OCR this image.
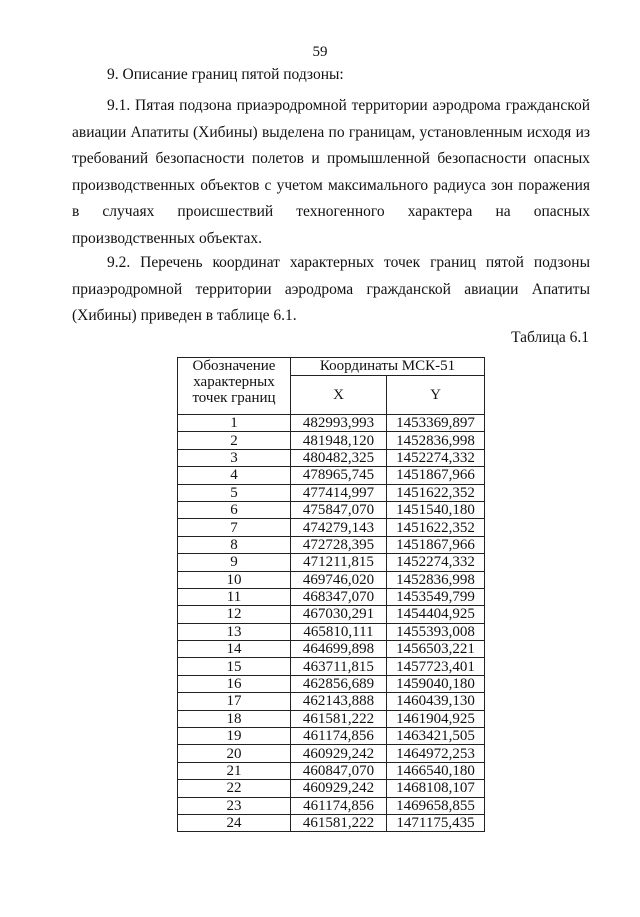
59
9. Описание границ пятой подзоны:
9.1. Пятая подзона приаэродромной территории аэродрома гражданской авиации Апатиты (Хибины) выделена по границам, установленным исходя из требований безопасности полетов и промышленной безопасности опасных производственных объектов с учетом максимального радиуса зон поражения в случаях происшествий техногенного характера на опасных производственных объектах.
9.2. Перечень координат характерных точек границ пятой подзоны приаэродромной территории аэродрома гражданской авиации Апатиты (Хибины) приведен в таблице 6.1.
Таблица 6.1
Обозначение
характерных
точек границ	Координаты МСК-51	
	X	Y
1	482993,993	1453369,897
2	481948,120	1452836,998
3	480482,325	1452274,332
4	478965,745	1451867,966
5	477414,997	1451622,352
6	475847,070	1451540,180
7	474279,143	1451622,352
8	472728,395	1451867,966
9	471211,815	1452274,332
10	469746,020	1452836,998
11	468347,070	1453549,799
12	467030,291	1454404,925
13	465810,111	1455393,008
14	464699,898	1456503,221
15	463711,815	1457723,401
16	462856,689	1459040,180
17	462143,888	1460439,130
18	461581,222	1461904,925
19	461174,856	1463421,505
20	460929,242	1464972,253
21	460847,070	1466540,180
22	460929,242	1468108,107
23	461174,856	1469658,855
24	461581,222	1471175,435
